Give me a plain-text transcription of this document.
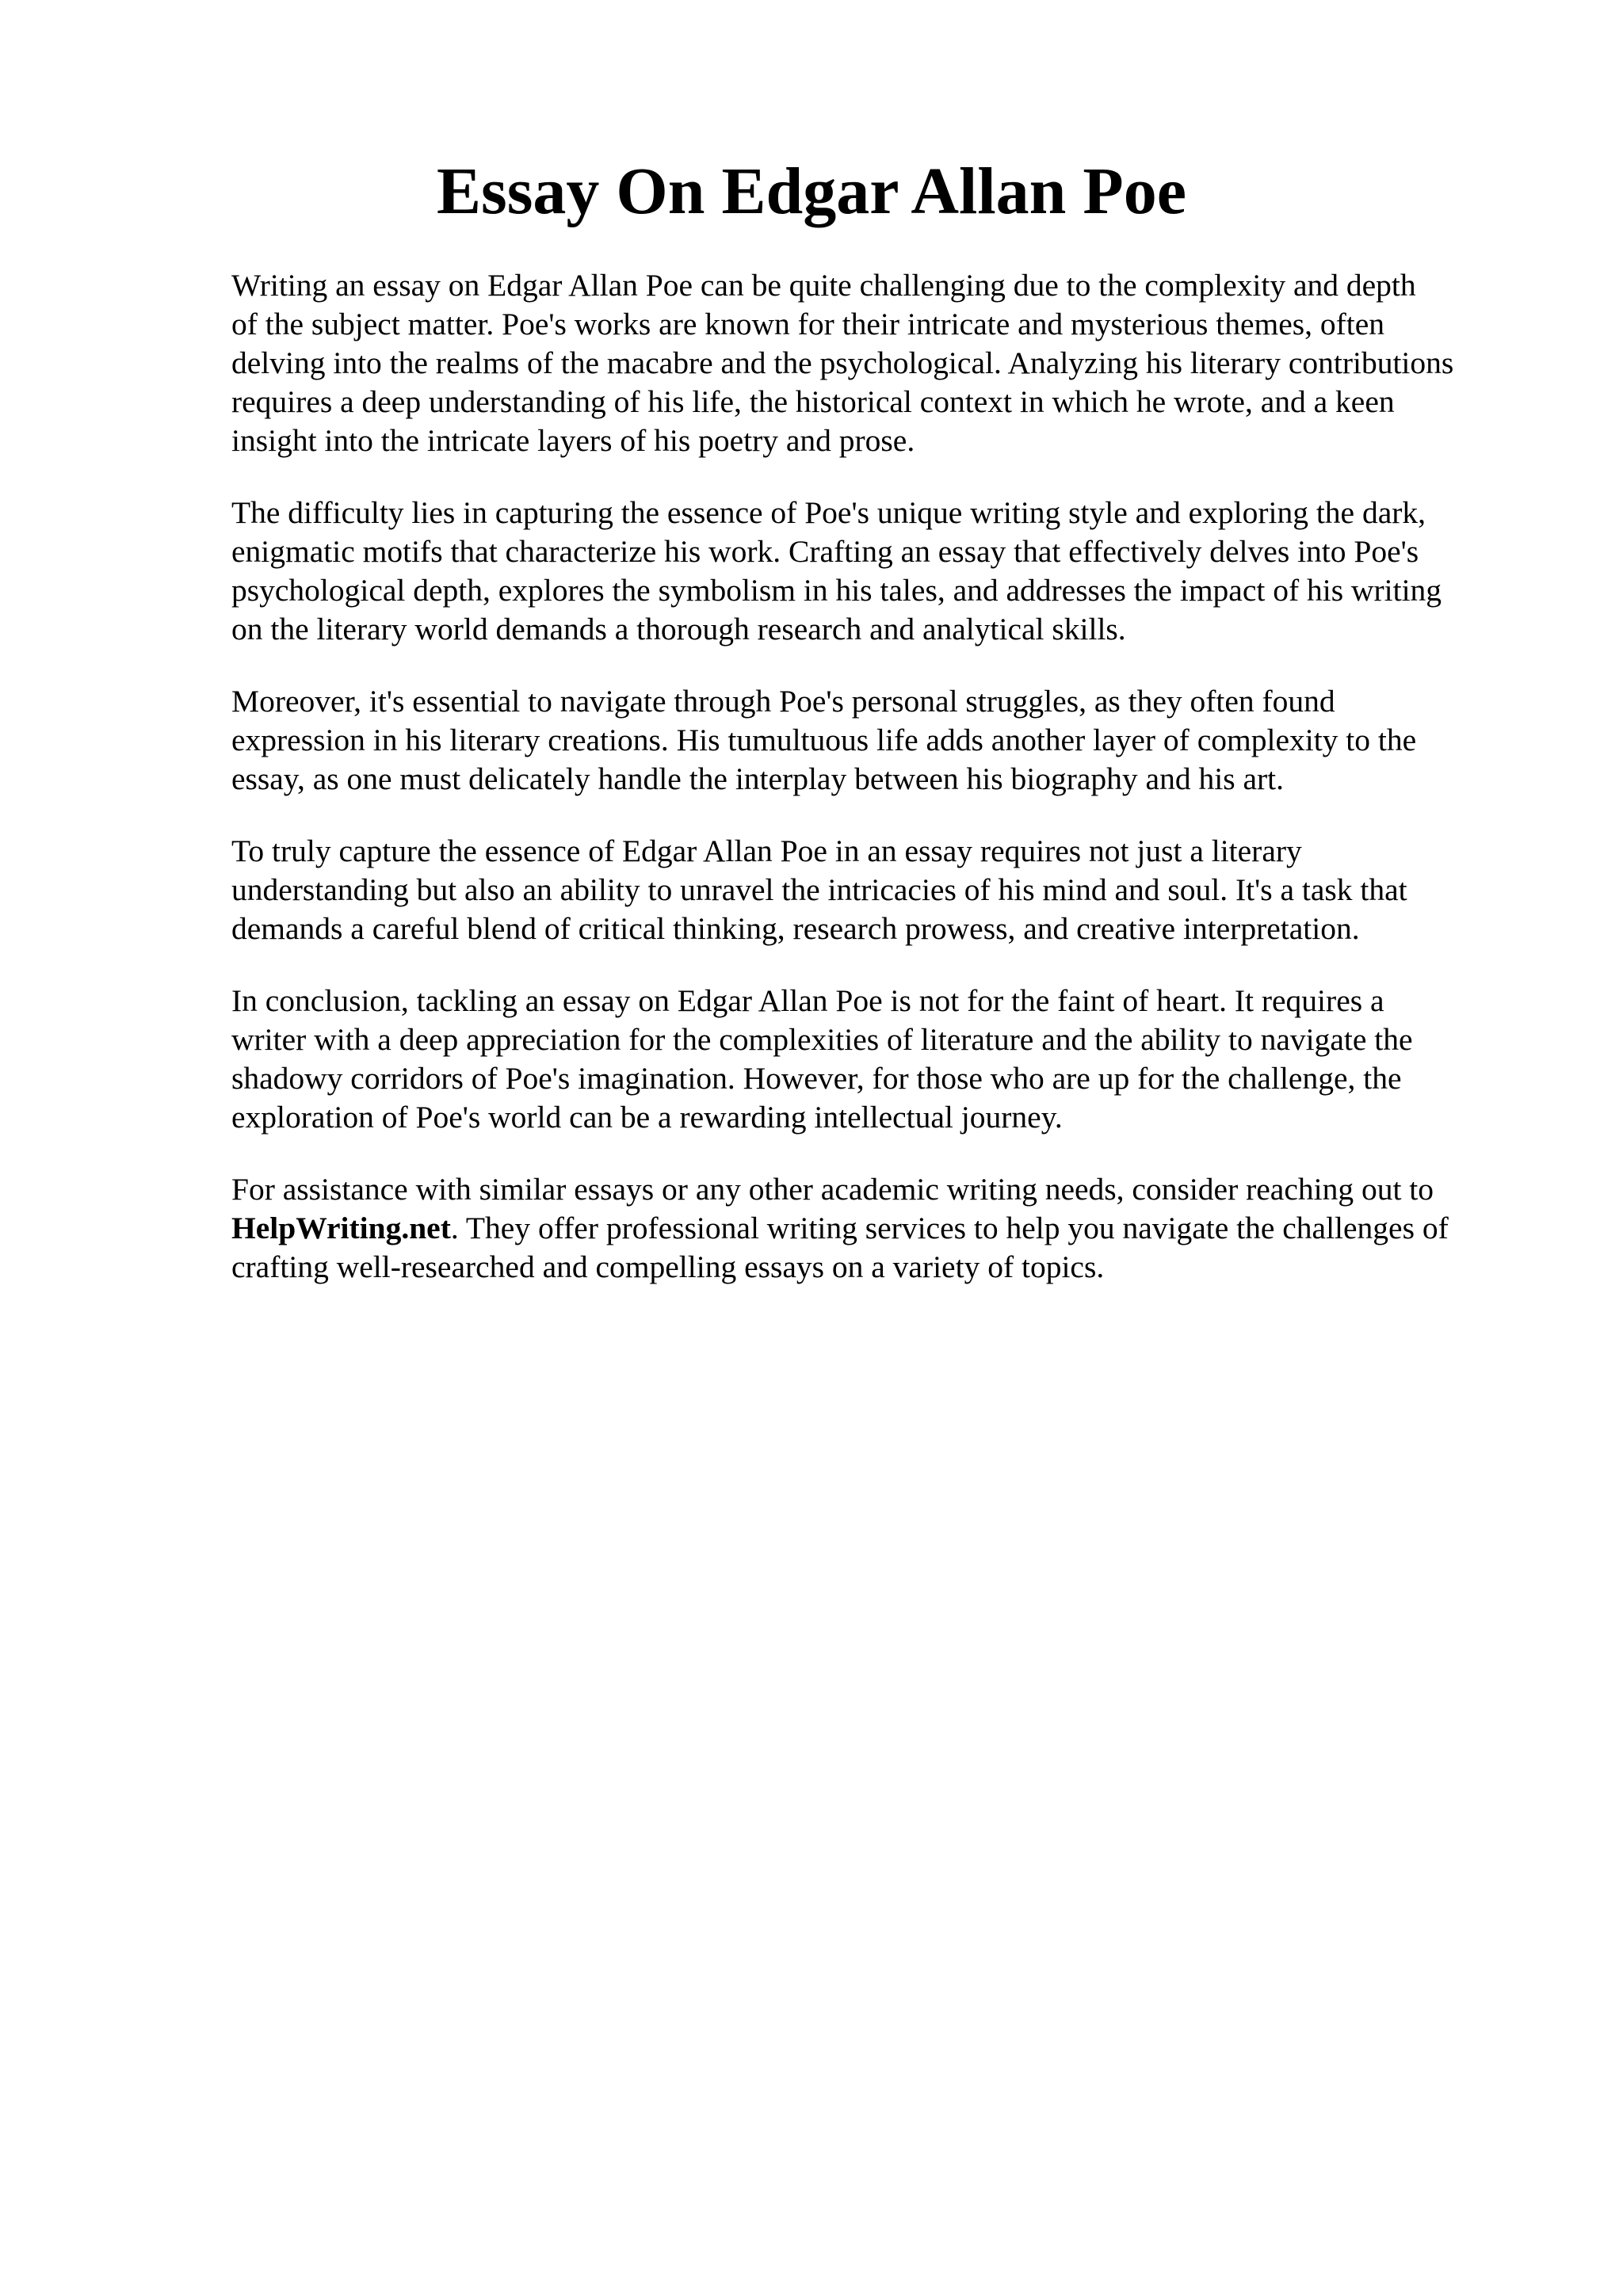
Essay On Edgar Allan Poe

Writing an essay on Edgar Allan Poe can be quite challenging due to the complexity and depth
of the subject matter. Poe's works are known for their intricate and mysterious themes, often
delving into the realms of the macabre and the psychological. Analyzing his literary contributions
requires a deep understanding of his life, the historical context in which he wrote, and a keen
insight into the intricate layers of his poetry and prose.

The difficulty lies in capturing the essence of Poe's unique writing style and exploring the dark,
enigmatic motifs that characterize his work. Crafting an essay that effectively delves into Poe's
psychological depth, explores the symbolism in his tales, and addresses the impact of his writing
on the literary world demands a thorough research and analytical skills.

Moreover, it's essential to navigate through Poe's personal struggles, as they often found
expression in his literary creations. His tumultuous life adds another layer of complexity to the
essay, as one must delicately handle the interplay between his biography and his art.

To truly capture the essence of Edgar Allan Poe in an essay requires not just a literary
understanding but also an ability to unravel the intricacies of his mind and soul. It's a task that
demands a careful blend of critical thinking, research prowess, and creative interpretation.

In conclusion, tackling an essay on Edgar Allan Poe is not for the faint of heart. It requires a
writer with a deep appreciation for the complexities of literature and the ability to navigate the
shadowy corridors of Poe's imagination. However, for those who are up for the challenge, the
exploration of Poe's world can be a rewarding intellectual journey.

For assistance with similar essays or any other academic writing needs, consider reaching out to
HelpWriting.net. They offer professional writing services to help you navigate the challenges of
crafting well-researched and compelling essays on a variety of topics.
